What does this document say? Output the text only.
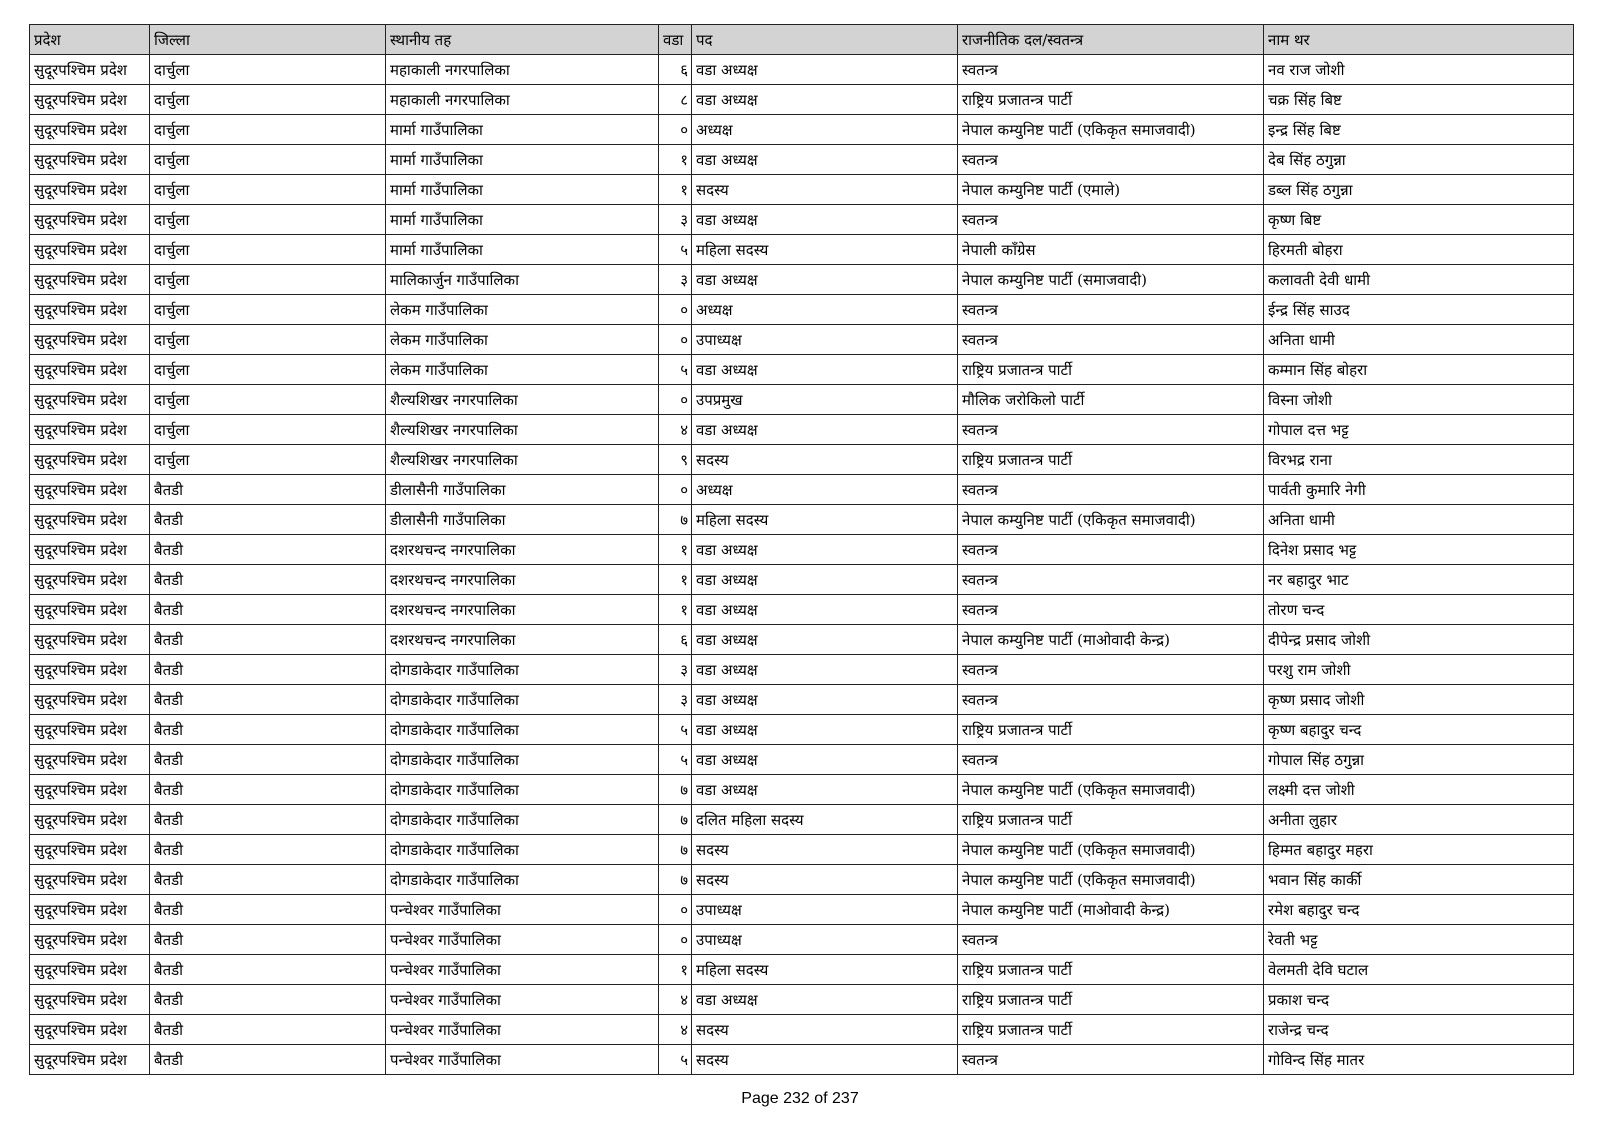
प्रदेश	जिल्ला	स्थानीय तह	वडा	पद	राजनीतिक दल/स्वतन्त्र	नाम थर
सुदूरपश्चिम प्रदेश	दार्चुला	महाकाली नगरपालिका	६	वडा अध्यक्ष	स्वतन्त्र	नव राज जोशी
सुदूरपश्चिम प्रदेश	दार्चुला	महाकाली नगरपालिका	८	वडा अध्यक्ष	राष्ट्रिय प्रजातन्त्र पार्टी	चक्र सिंह बिष्ट
सुदूरपश्चिम प्रदेश	दार्चुला	मार्मा गाउँपालिका	०	अध्यक्ष	नेपाल कम्युनिष्ट पार्टी (एकिकृत समाजवादी)	इन्द्र सिंह बिष्ट
सुदूरपश्चिम प्रदेश	दार्चुला	मार्मा गाउँपालिका	१	वडा अध्यक्ष	स्वतन्त्र	देब सिंह ठगुन्ना
सुदूरपश्चिम प्रदेश	दार्चुला	मार्मा गाउँपालिका	१	सदस्य	नेपाल कम्युनिष्ट पार्टी (एमाले)	डब्ल सिंह ठगुन्ना
सुदूरपश्चिम प्रदेश	दार्चुला	मार्मा गाउँपालिका	३	वडा अध्यक्ष	स्वतन्त्र	कृष्ण बिष्ट
सुदूरपश्चिम प्रदेश	दार्चुला	मार्मा गाउँपालिका	५	महिला सदस्य	नेपाली काँग्रेस	हिरमती बोहरा
सुदूरपश्चिम प्रदेश	दार्चुला	मालिकार्जुन गाउँपालिका	३	वडा अध्यक्ष	नेपाल कम्युनिष्ट पार्टी (समाजवादी)	कलावती देवी धामी
सुदूरपश्चिम प्रदेश	दार्चुला	लेकम गाउँपालिका	०	अध्यक्ष	स्वतन्त्र	ईन्द्र सिंह साउद
सुदूरपश्चिम प्रदेश	दार्चुला	लेकम गाउँपालिका	०	उपाध्यक्ष	स्वतन्त्र	अनिता धामी
सुदूरपश्चिम प्रदेश	दार्चुला	लेकम गाउँपालिका	५	वडा अध्यक्ष	राष्ट्रिय प्रजातन्त्र पार्टी	कम्मान सिंह बोहरा
सुदूरपश्चिम प्रदेश	दार्चुला	शैल्यशिखर नगरपालिका	०	उपप्रमुख	मौलिक जरोकिलो पार्टी	विस्ना जोशी
सुदूरपश्चिम प्रदेश	दार्चुला	शैल्यशिखर नगरपालिका	४	वडा अध्यक्ष	स्वतन्त्र	गोपाल दत्त भट्ट
सुदूरपश्चिम प्रदेश	दार्चुला	शैल्यशिखर नगरपालिका	९	सदस्य	राष्ट्रिय प्रजातन्त्र पार्टी	विरभद्र राना
सुदूरपश्चिम प्रदेश	बैतडी	डीलासैनी गाउँपालिका	०	अध्यक्ष	स्वतन्त्र	पार्वती कुमारि नेगी
सुदूरपश्चिम प्रदेश	बैतडी	डीलासैनी गाउँपालिका	७	महिला सदस्य	नेपाल कम्युनिष्ट पार्टी (एकिकृत समाजवादी)	अनिता धामी
सुदूरपश्चिम प्रदेश	बैतडी	दशरथचन्द नगरपालिका	१	वडा अध्यक्ष	स्वतन्त्र	दिनेश प्रसाद भट्ट
सुदूरपश्चिम प्रदेश	बैतडी	दशरथचन्द नगरपालिका	१	वडा अध्यक्ष	स्वतन्त्र	नर बहादुर भाट
सुदूरपश्चिम प्रदेश	बैतडी	दशरथचन्द नगरपालिका	१	वडा अध्यक्ष	स्वतन्त्र	तोरण चन्द
सुदूरपश्चिम प्रदेश	बैतडी	दशरथचन्द नगरपालिका	६	वडा अध्यक्ष	नेपाल कम्युनिष्ट पार्टी (माओवादी केन्द्र)	दीपेन्द्र प्रसाद जोशी
सुदूरपश्चिम प्रदेश	बैतडी	दोगडाकेदार गाउँपालिका	३	वडा अध्यक्ष	स्वतन्त्र	परशु राम जोशी
सुदूरपश्चिम प्रदेश	बैतडी	दोगडाकेदार गाउँपालिका	३	वडा अध्यक्ष	स्वतन्त्र	कृष्ण प्रसाद जोशी
सुदूरपश्चिम प्रदेश	बैतडी	दोगडाकेदार गाउँपालिका	५	वडा अध्यक्ष	राष्ट्रिय प्रजातन्त्र पार्टी	कृष्ण बहादुर चन्द
सुदूरपश्चिम प्रदेश	बैतडी	दोगडाकेदार गाउँपालिका	५	वडा अध्यक्ष	स्वतन्त्र	गोपाल सिंह ठगुन्ना
सुदूरपश्चिम प्रदेश	बैतडी	दोगडाकेदार गाउँपालिका	७	वडा अध्यक्ष	नेपाल कम्युनिष्ट पार्टी (एकिकृत समाजवादी)	लक्ष्मी दत्त जोशी
सुदूरपश्चिम प्रदेश	बैतडी	दोगडाकेदार गाउँपालिका	७	दलित महिला सदस्य	राष्ट्रिय प्रजातन्त्र पार्टी	अनीता लुहार
सुदूरपश्चिम प्रदेश	बैतडी	दोगडाकेदार गाउँपालिका	७	सदस्य	नेपाल कम्युनिष्ट पार्टी (एकिकृत समाजवादी)	हिम्मत बहादुर महरा
सुदूरपश्चिम प्रदेश	बैतडी	दोगडाकेदार गाउँपालिका	७	सदस्य	नेपाल कम्युनिष्ट पार्टी (एकिकृत समाजवादी)	भवान सिंह कार्की
सुदूरपश्चिम प्रदेश	बैतडी	पन्चेश्वर गाउँपालिका	०	उपाध्यक्ष	नेपाल कम्युनिष्ट पार्टी (माओवादी केन्द्र)	रमेश बहादुर चन्द
सुदूरपश्चिम प्रदेश	बैतडी	पन्चेश्वर गाउँपालिका	०	उपाध्यक्ष	स्वतन्त्र	रेवती भट्ट
सुदूरपश्चिम प्रदेश	बैतडी	पन्चेश्वर गाउँपालिका	१	महिला सदस्य	राष्ट्रिय प्रजातन्त्र पार्टी	वेलमती देवि घटाल
सुदूरपश्चिम प्रदेश	बैतडी	पन्चेश्वर गाउँपालिका	४	वडा अध्यक्ष	राष्ट्रिय प्रजातन्त्र पार्टी	प्रकाश चन्द
सुदूरपश्चिम प्रदेश	बैतडी	पन्चेश्वर गाउँपालिका	४	सदस्य	राष्ट्रिय प्रजातन्त्र पार्टी	राजेन्द्र चन्द
सुदूरपश्चिम प्रदेश	बैतडी	पन्चेश्वर गाउँपालिका	५	सदस्य	स्वतन्त्र	गोविन्द सिंह मातर
Page 232 of 237
